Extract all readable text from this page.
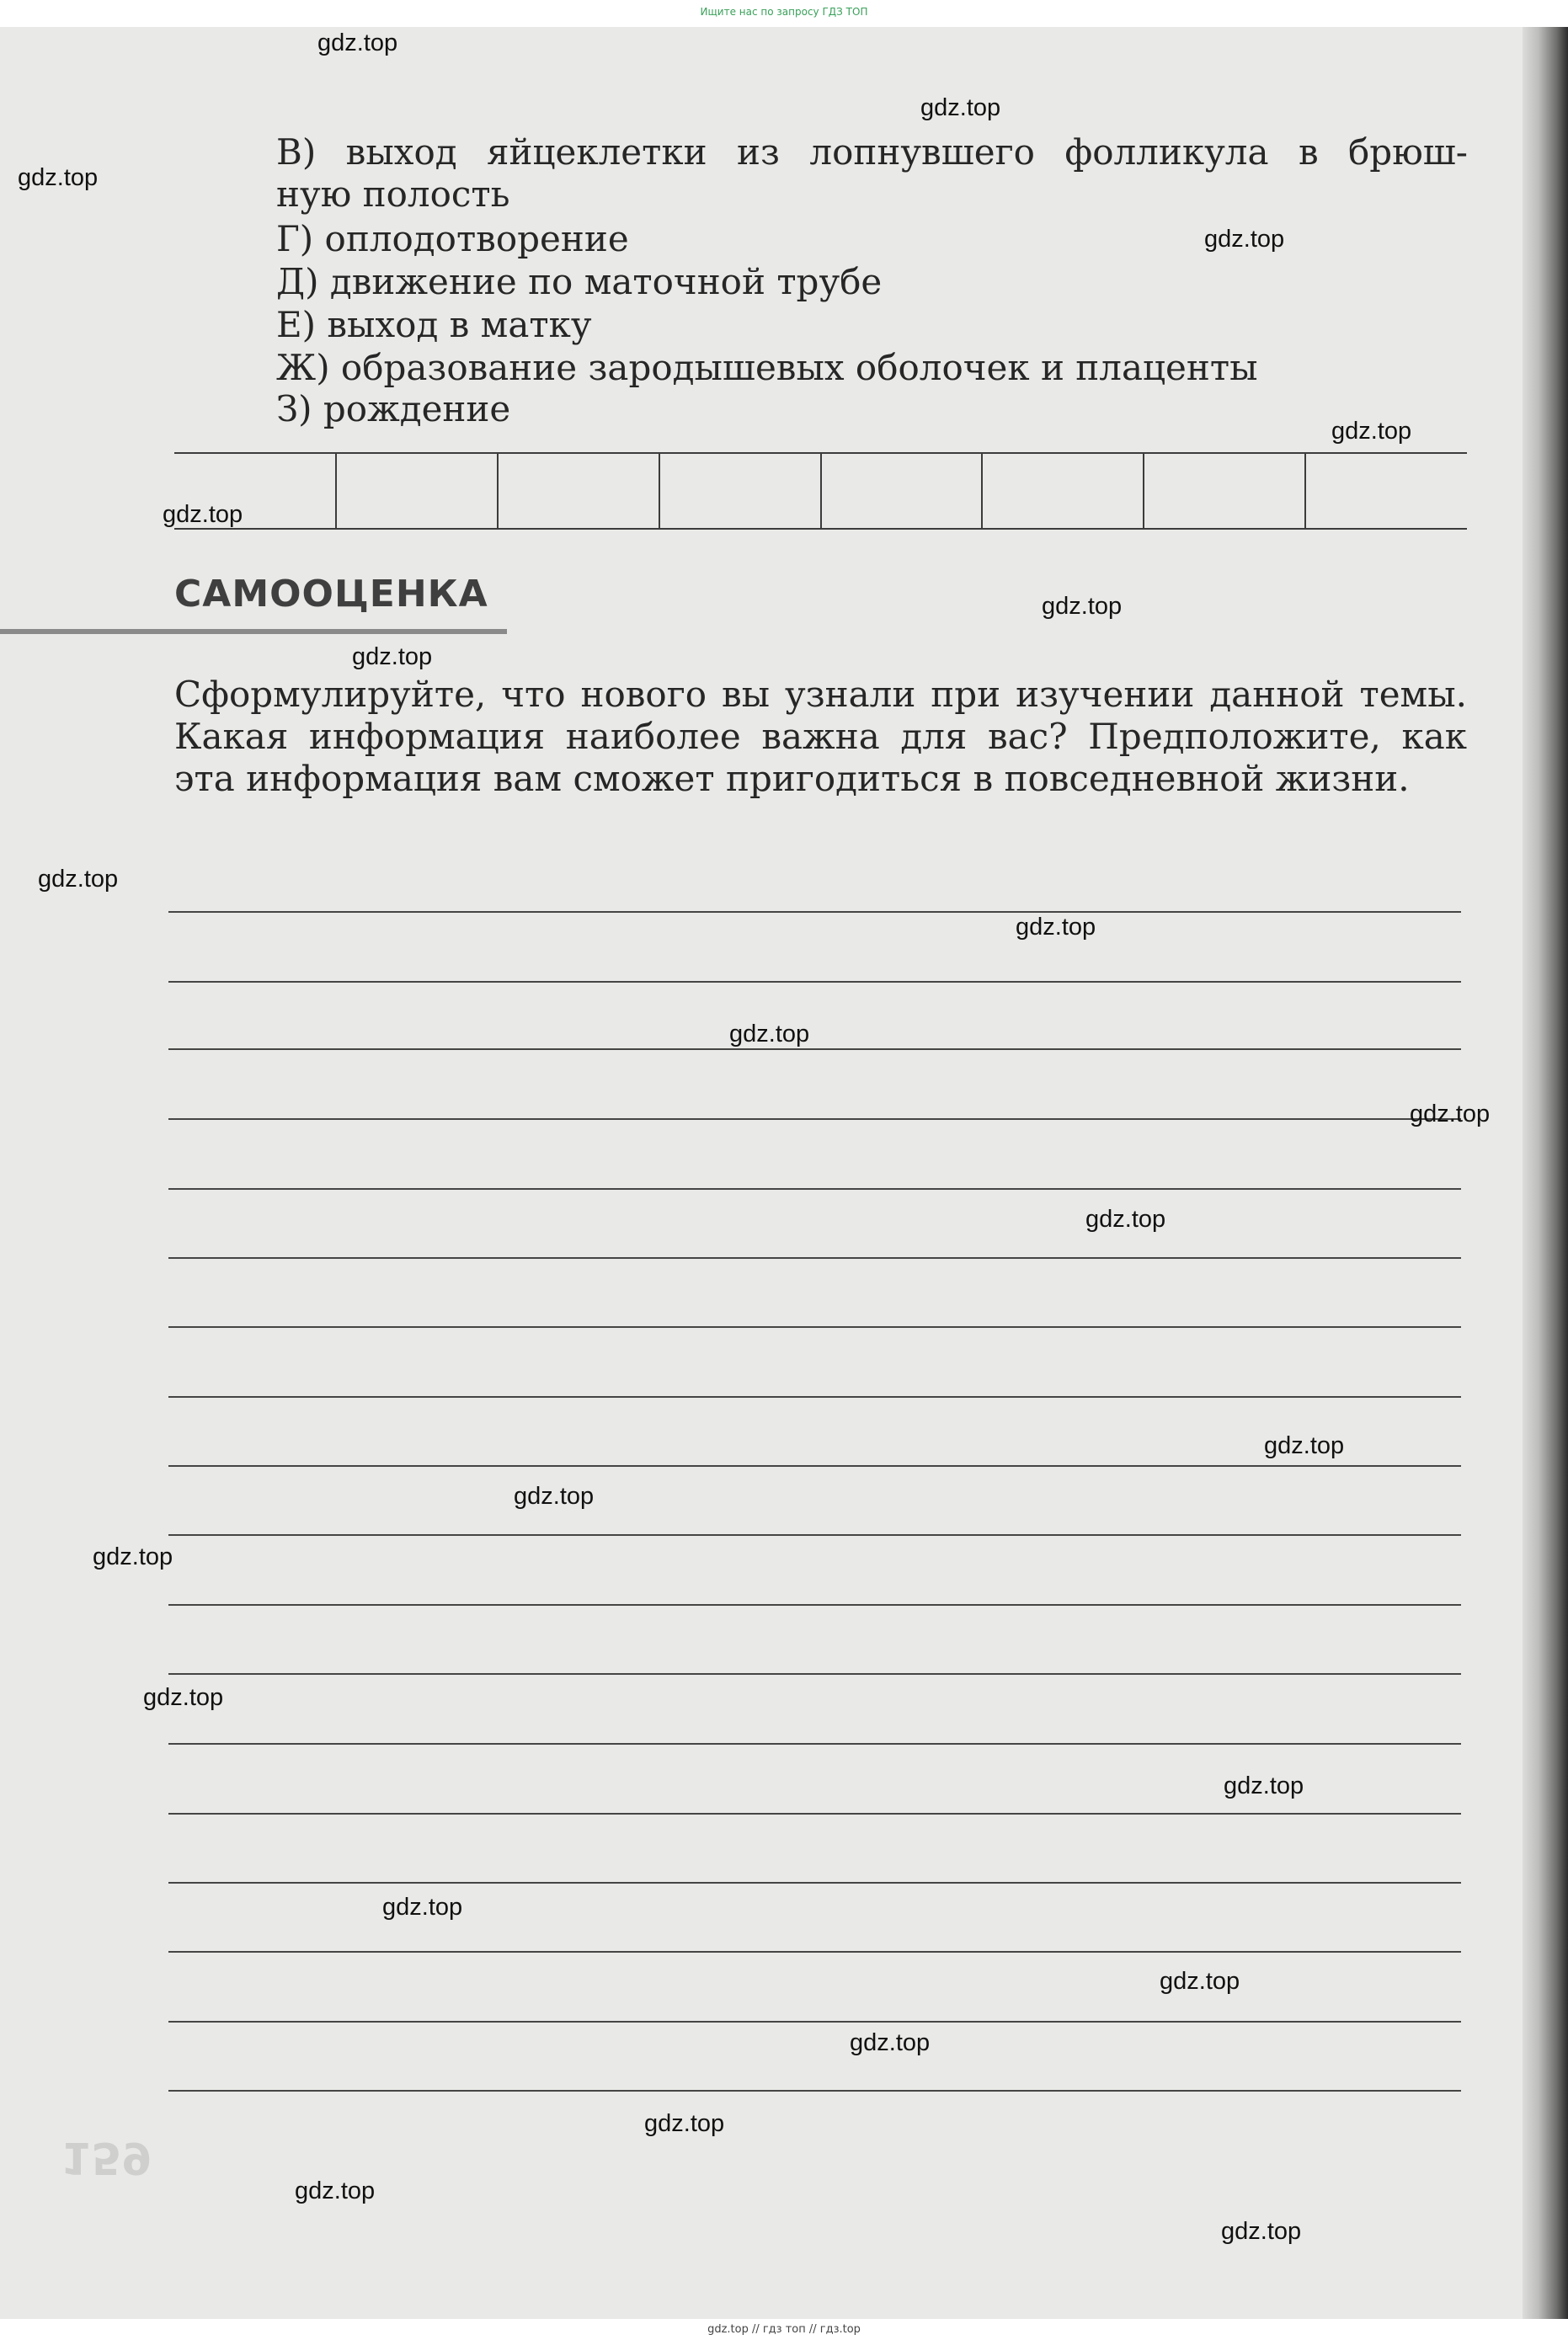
Ищите нас по запросу ГДЗ ТОП
В) выход яйцеклетки из лопнувшего фолликула в брюш-
ную полость
Г) оплодотворение
Д) движение по маточной трубе
Е) выход в матку
Ж) образование зародышевых оболочек и плаценты
З) рождение

САМООЦЕНКА
Сформулируйте, что нового вы узнали при изучении данной темы. Какая информация наиболее важна для вас? Предположите, как эта информация вам сможет пригодиться в повседневной жизни.
159
gdz.top
gdz.top
gdz.top
gdz.top
gdz.top
gdz.top
gdz.top
gdz.top
gdz.top
gdz.top
gdz.top
gdz.top
gdz.top
gdz.top
gdz.top
gdz.top
gdz.top
gdz.top
gdz.top
gdz.top
gdz.top
gdz.top
gdz.top
gdz.top
gdz.top // гдз топ // гдз.top
